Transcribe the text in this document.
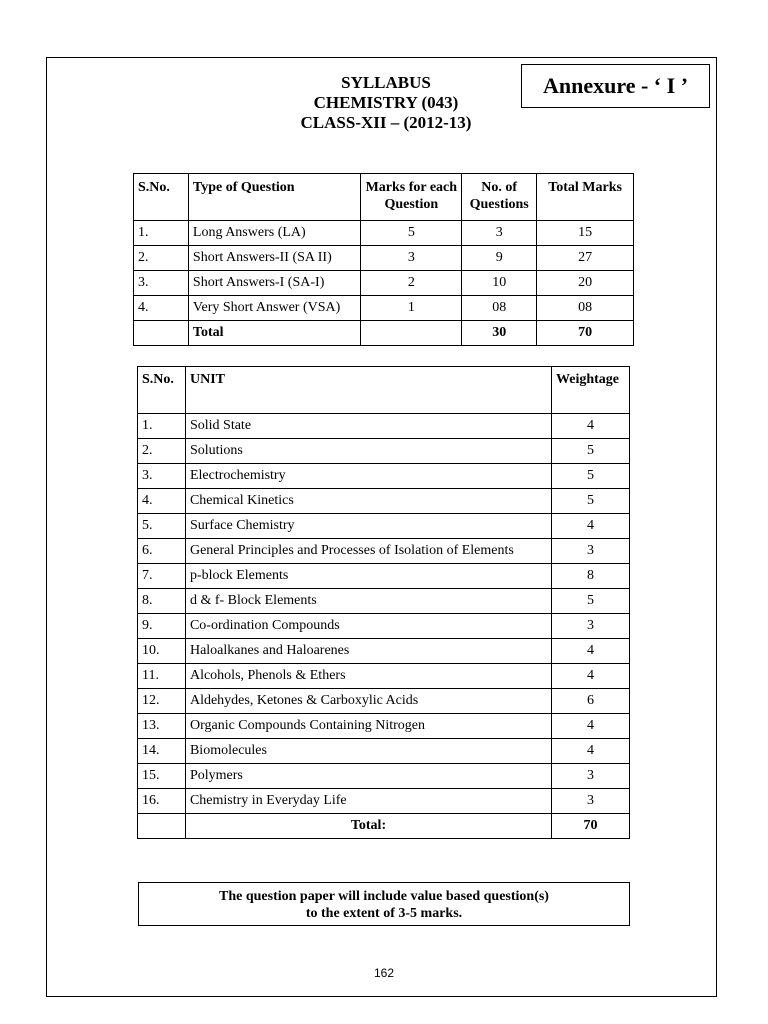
SYLLABUS
CHEMISTRY (043)
CLASS-XII – (2012-13)
Annexure - ‘ I ’
S.No.	Type of Question	Marks for each Question	No. of Questions	Total Marks
1.	Long Answers (LA)	5	3	15
2.	Short Answers-II (SA II)	3	9	27
3.	Short Answers-I (SA-I)	2	10	20
4.	Very Short Answer (VSA)	1	08	08
	Total		30	70
S.No.	UNIT	Weightage
1.	Solid State	4
2.	Solutions	5
3.	Electrochemistry	5
4.	Chemical Kinetics	5
5.	Surface Chemistry	4
6.	General Principles and Processes of Isolation of Elements	3
7.	p-block Elements	8
8.	d & f- Block Elements	5
9.	Co-ordination Compounds	3
10.	Haloalkanes and Haloarenes	4
11.	Alcohols, Phenols & Ethers	4
12.	Aldehydes, Ketones & Carboxylic Acids	6
13.	Organic Compounds Containing Nitrogen	4
14.	Biomolecules	4
15.	Polymers	3
16.	Chemistry in Everyday Life	3
	Total:	70
The question paper will include value based question(s)
to the extent of 3-5 marks.
162
